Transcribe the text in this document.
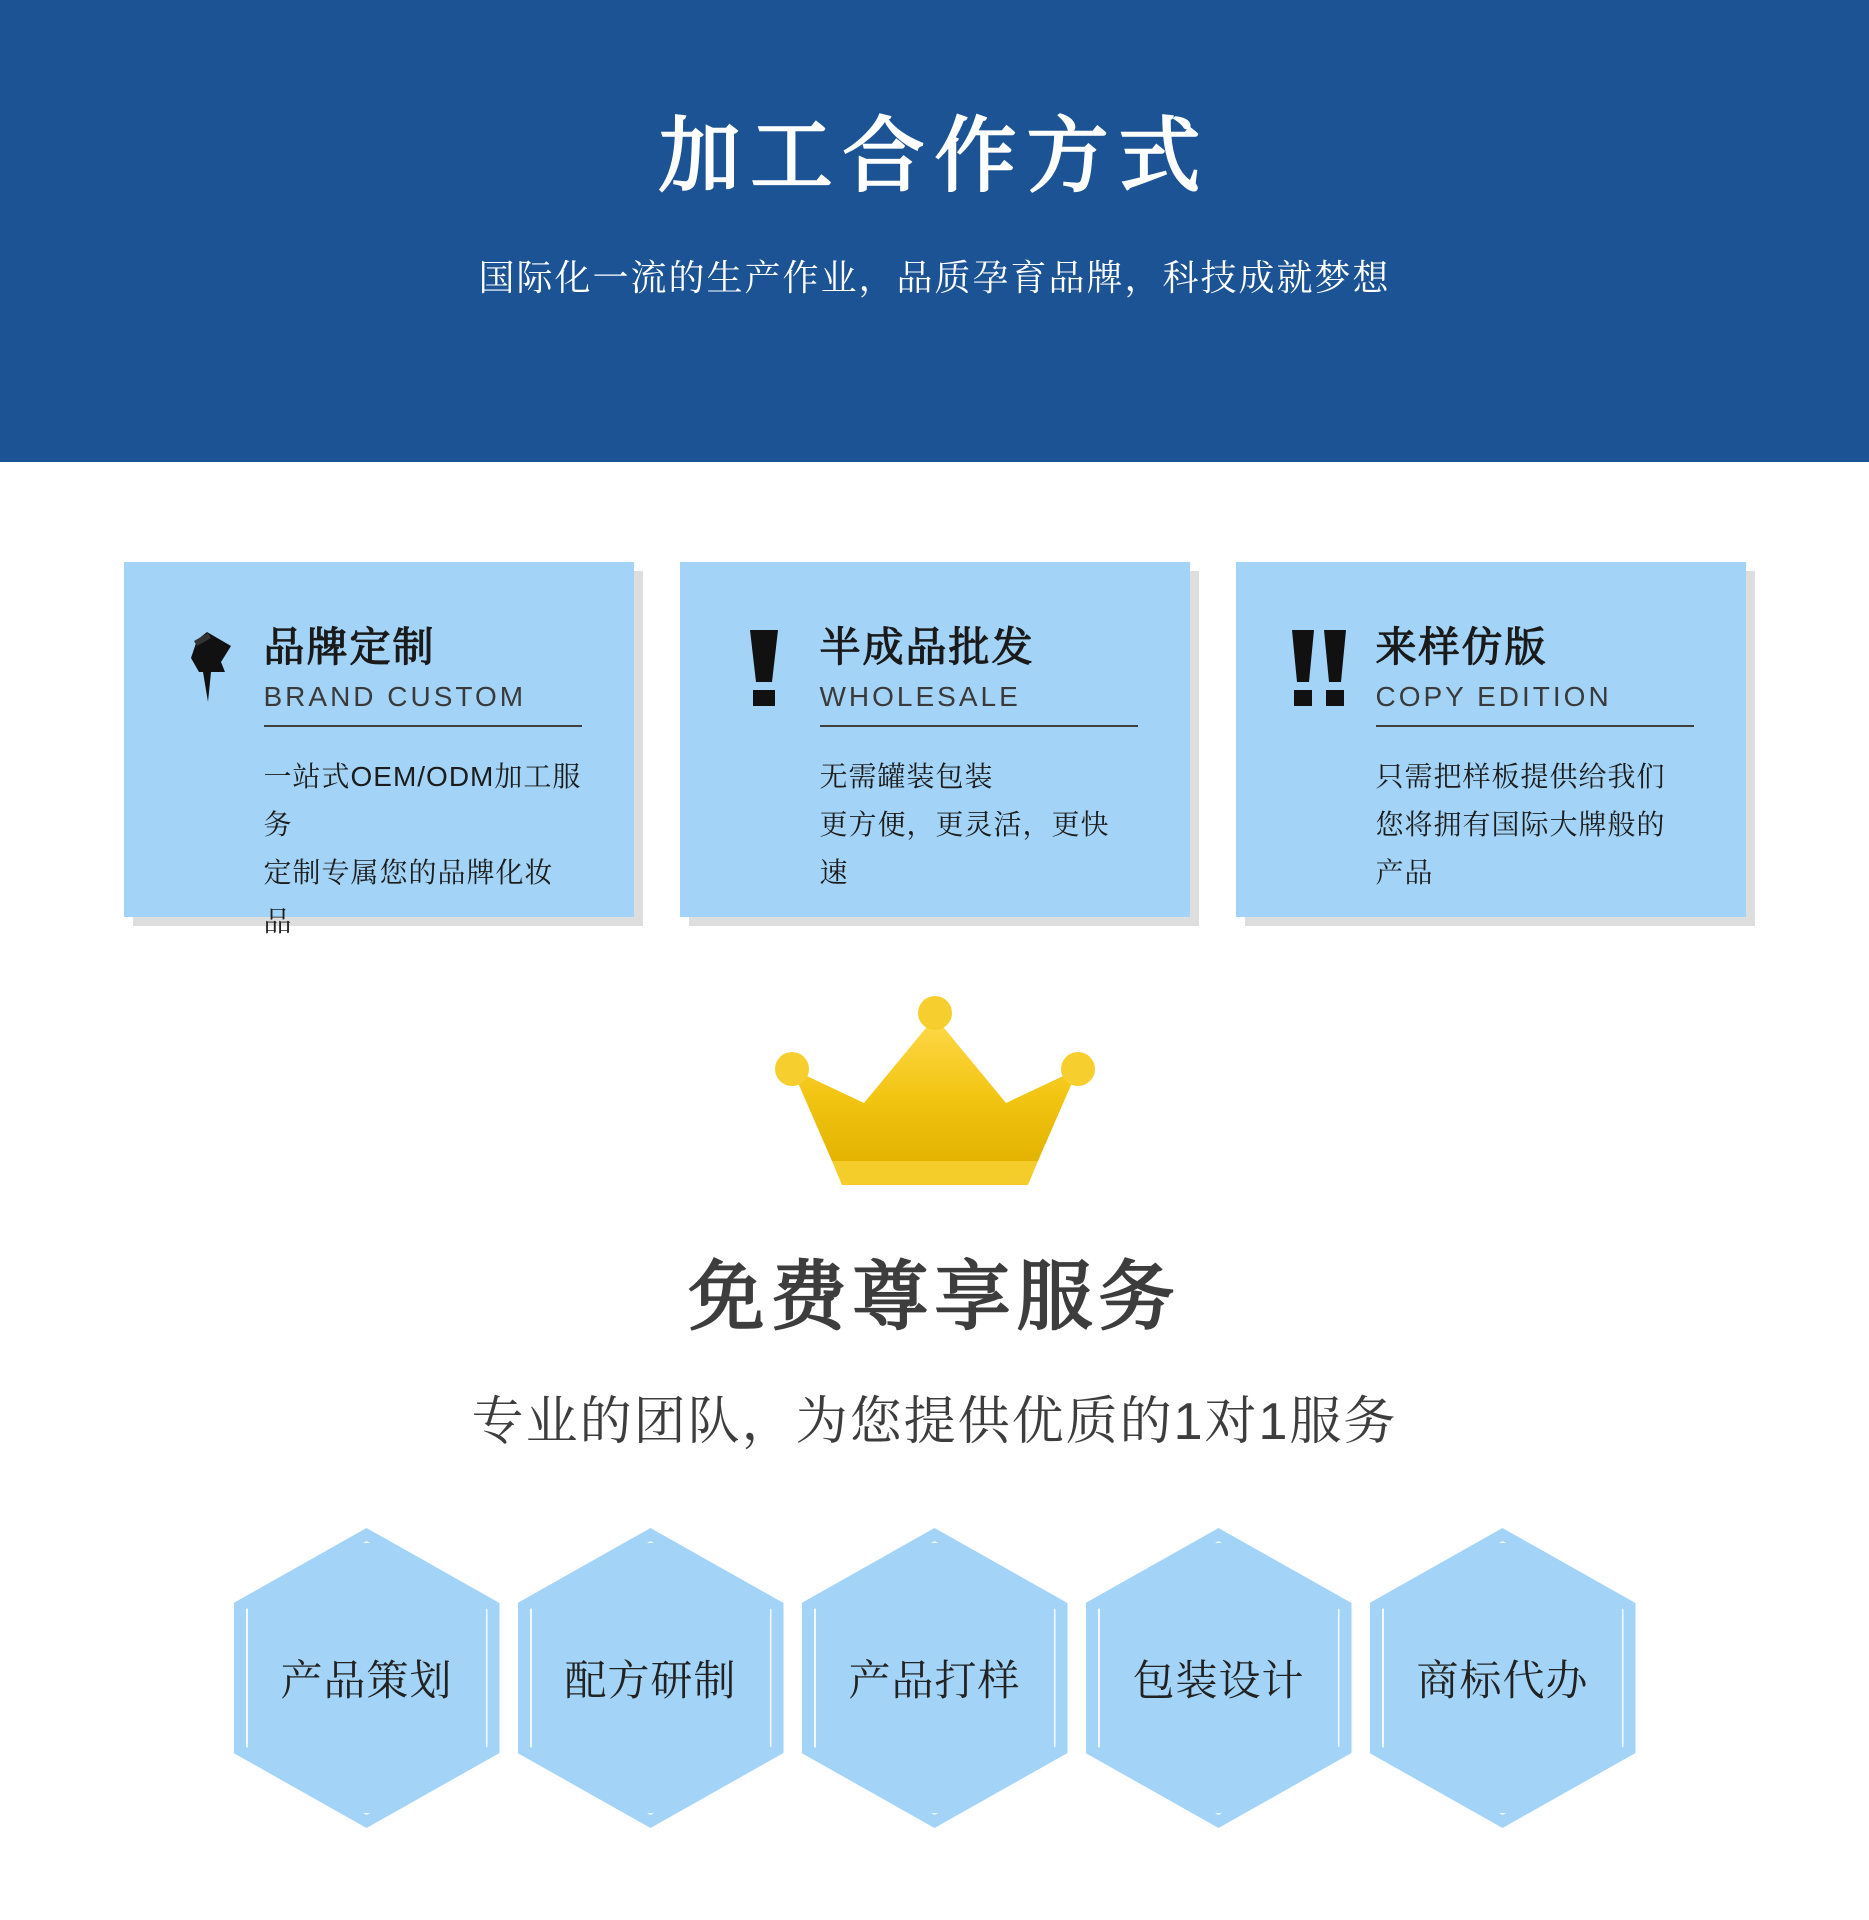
加工合作方式
国际化一流的生产作业，品质孕育品牌，科技成就梦想
品牌定制
BRAND CUSTOM

一站式OEM/ODM加工服务

定制专属您的品牌化妆品

半成品批发
WHOLESALE

无需罐装包装

更方便，更灵活，更快速

来样仿版
COPY EDITION

只需把样板提供给我们

您将拥有国际大牌般的产品

免费尊享服务
专业的团队，为您提供优质的1对1服务
产品策划	配方研制	产品打样	包装设计	商标代办
